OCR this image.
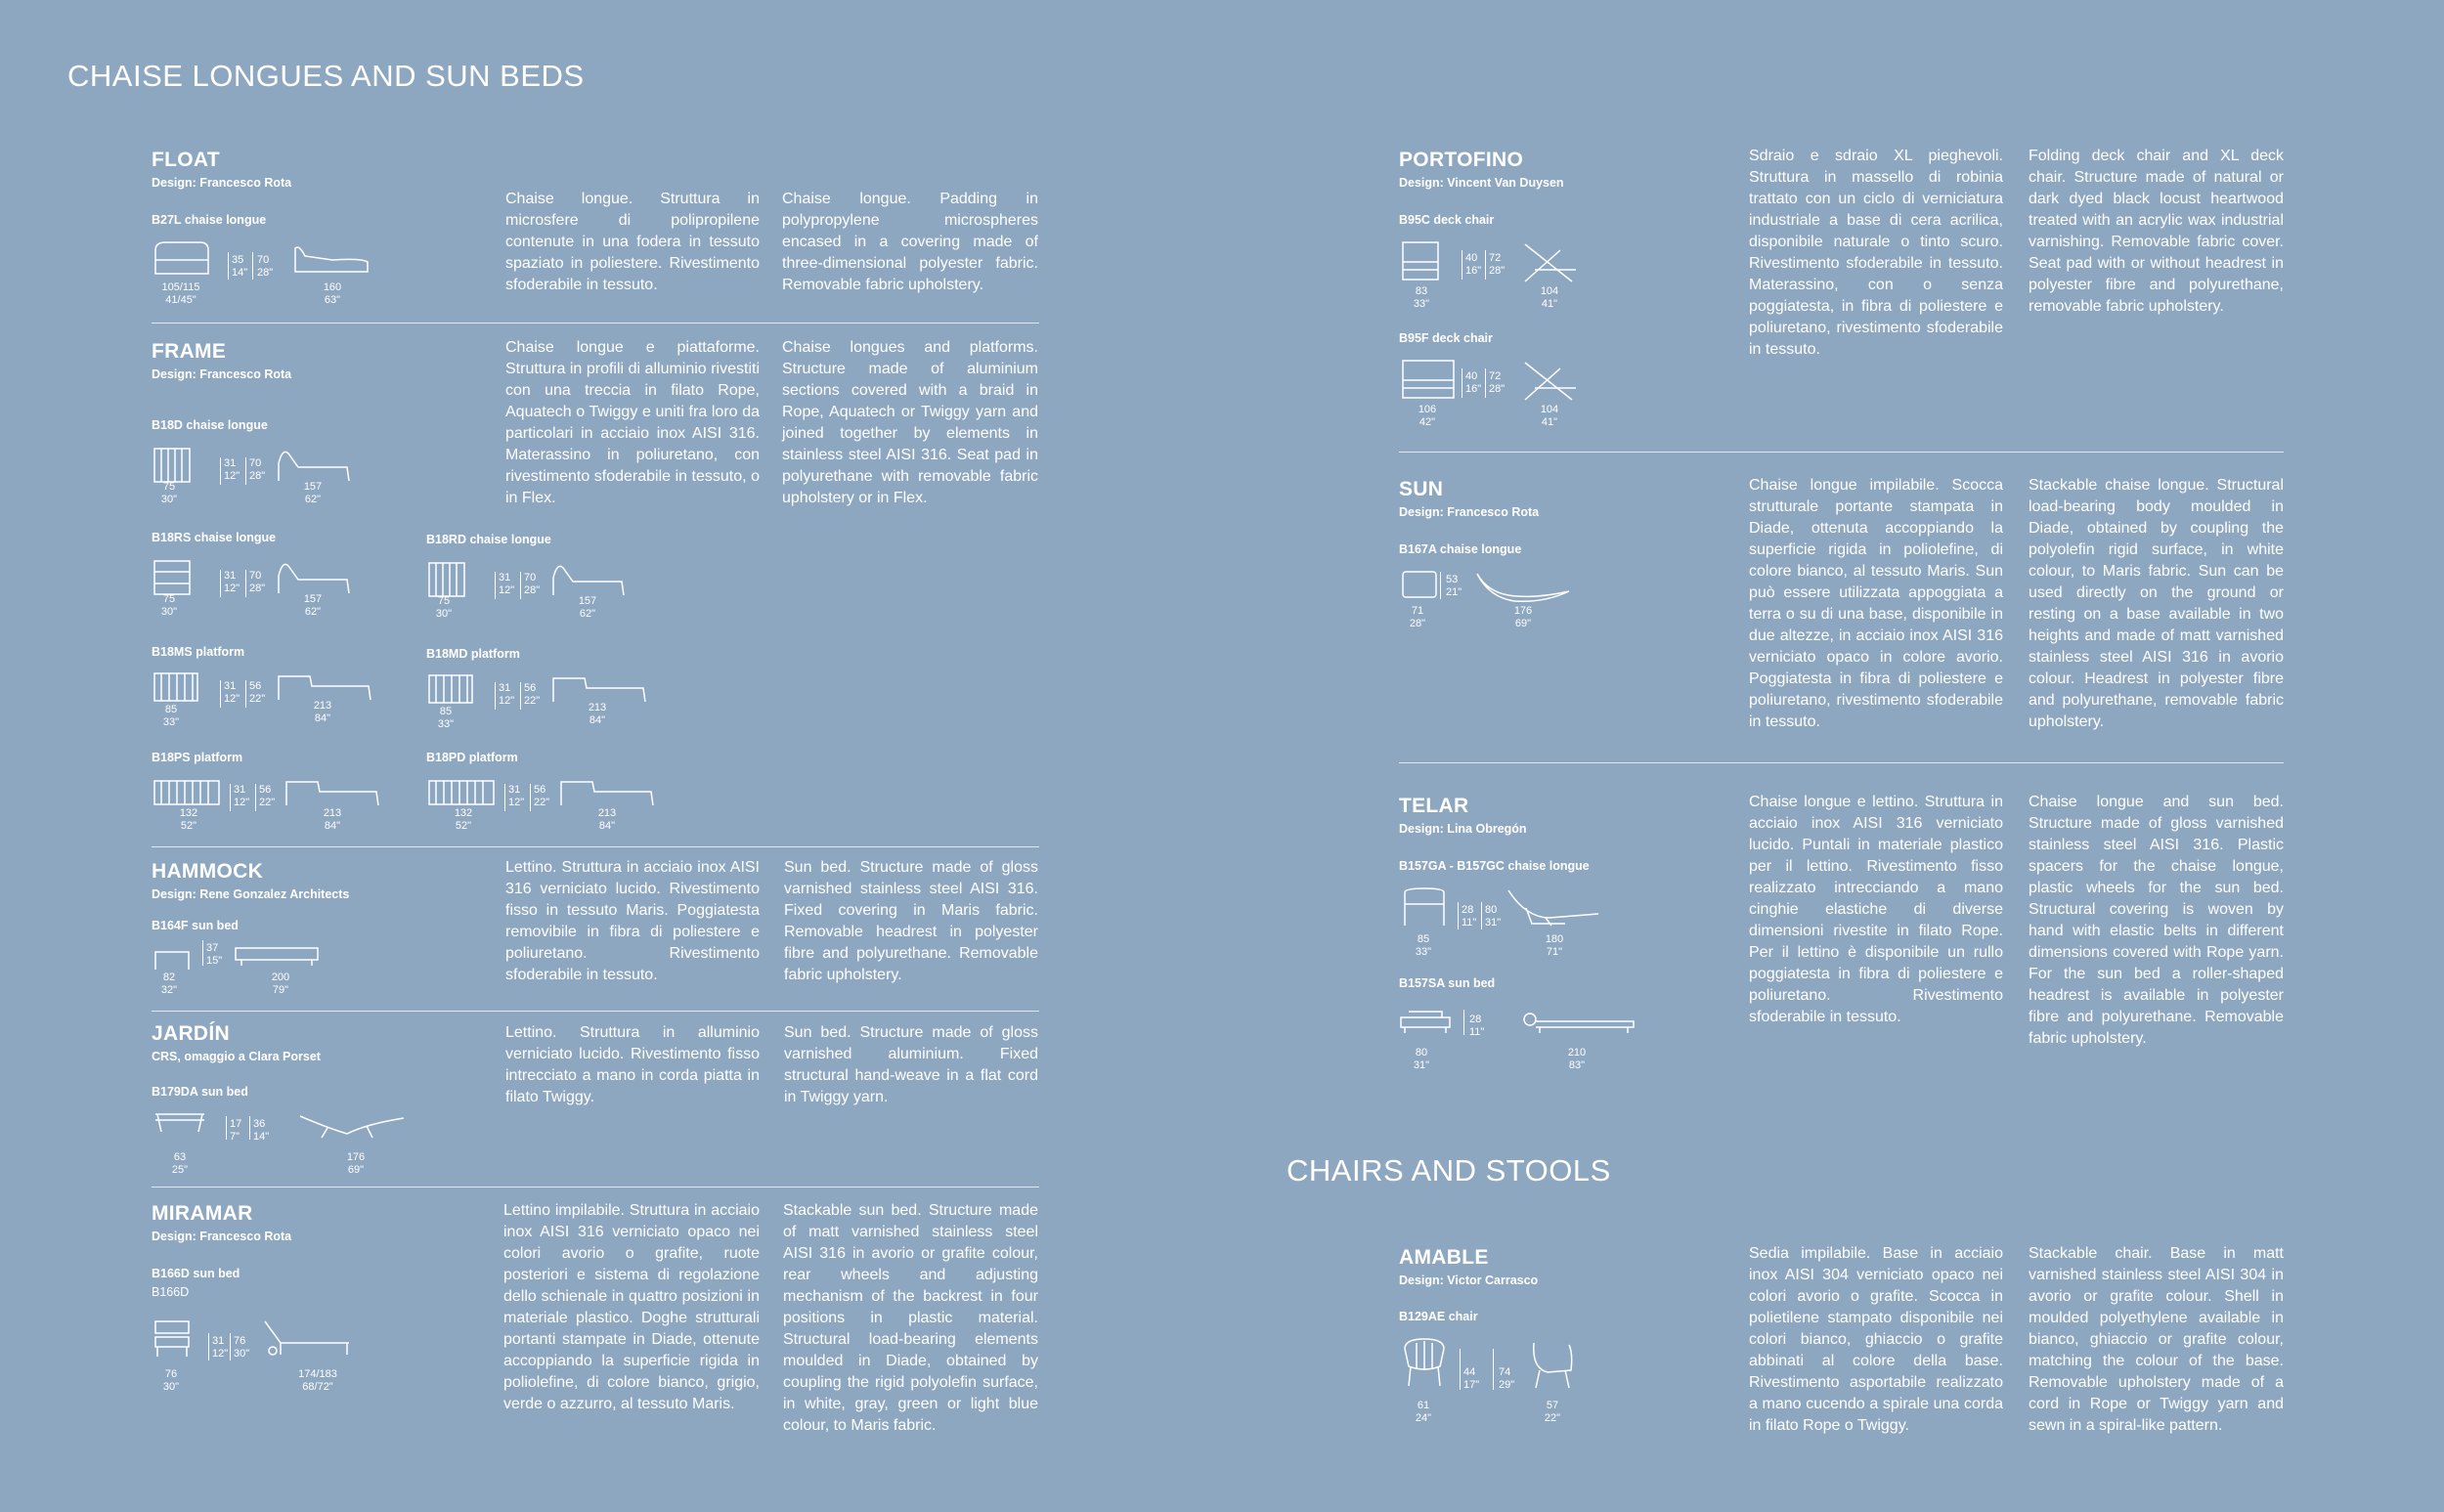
CHAISE LONGUES AND SUN BEDS
CHAIRS AND STOOLS
FLOAT
Design: Francesco Rota
B27L chaise longue
35
14"
70
28"
105/115
41/45"
160
63"

Chaise longue. Struttura in microsfere di polipropilene contenute in una fodera in tessuto spaziato in poliestere. Rivestimento sfoderabile in tessuto.

Chaise longue. Padding in polypropylene microspheres encased in a covering made of three-dimensional polyester fabric. Removable fabric upholstery.

FRAME
Design: Francesco Rota

Chaise longue e piattaforme. Struttura in profili di alluminio rivestiti con una treccia in filato Rope, Aquatech o Twiggy e uniti fra loro da particolari in acciaio inox AISI 316. Materassino in poliuretano, con rivestimento sfoderabile in tessuto, o in Flex.

Chaise longues and platforms. Structure made of aluminium sections covered with a braid in Rope, Aquatech or Twiggy yarn and joined together by elements in stainless steel AISI 316. Seat pad in polyurethane with removable fabric upholstery or in Flex.

B18D chaise longue
31
12"
70
28"
75
30"
157
62"
B18RS chaise longue
31
12"
70
28"
75
30"
157
62"
B18RD chaise longue
31
12"
70
28"
75
30"
157
62"
B18MS platform
31
12"
56
22"
85
33"
213
84"
B18MD platform
31
12"
56
22"
85
33"
213
84"
B18PS platform
31
12"
56
22"
132
52"
213
84"
B18PD platform
31
12"
56
22"
132
52"
213
84"
HAMMOCK
Design: Rene Gonzalez Architects
B164F sun bed
37
15"
82
32"
200
79"

Lettino. Struttura in acciaio inox AISI 316 verniciato lucido. Rivestimento fisso in tessuto Maris. Poggiatesta removibile in fibra di poliestere e poliuretano. Rivestimento sfoderabile in tessuto.

Sun bed. Structure made of gloss varnished stainless steel AISI 316. Fixed covering in Maris fabric. Removable headrest in polyester fibre and polyurethane. Removable fabric upholstery.

JARDÍN
CRS, omaggio a Clara Porset
B179DA sun bed
17
7"
36
14"
63
25"
176
69"

Lettino. Struttura in alluminio verniciato lucido. Rivestimento fisso intrecciato a mano in corda piatta in filato Twiggy.

Sun bed. Structure made of gloss varnished aluminium. Fixed structural hand-weave in a flat cord in Twiggy yarn.

MIRAMAR
Design: Francesco Rota
B166D sun bed
B166D
31
12"
76
30"
76
30"
174/183
68/72"

Lettino impilabile. Struttura in acciaio inox AISI 316 verniciato opaco nei colori avorio o grafite, ruote posteriori e sistema di regolazione dello schienale in quattro posizioni in materiale plastico. Doghe strutturali portanti stampate in Diade, ottenute accoppiando la superficie rigida in poliolefine, di colore bianco, grigio, verde o azzurro, al tessuto Maris.

Stackable sun bed. Structure made of matt varnished stainless steel AISI 316 in avorio or grafite colour, rear wheels and adjusting mechanism of the backrest in four positions in plastic material. Structural load-bearing elements moulded in Diade, obtained by coupling the rigid polyolefin surface, in white, gray, green or light blue colour, to Maris fabric.

PORTOFINO
Design: Vincent Van Duysen
B95C deck chair
40
16"
72
28"
83
33"
104
41"
B95F deck chair
40
16"
72
28"
106
42"
104
41"

Sdraio e sdraio XL pieghevoli. Struttura in massello di robinia trattato con un ciclo di verniciatura industriale a base di cera acrilica, disponibile naturale o tinto scuro. Rivestimento sfoderabile in tessuto. Materassino, con o senza poggiatesta, in fibra di poliestere e poliuretano, rivestimento sfoderabile in tessuto.

Folding deck chair and XL deck chair. Structure made of natural or dark dyed black locust heartwood treated with an acrylic wax industrial varnishing. Removable fabric cover. Seat pad with or without headrest in polyester fibre and polyurethane, removable fabric upholstery.

SUN
Design: Francesco Rota
B167A chaise longue
53
21"
71
28"
176
69"

Chaise longue impilabile. Scocca strutturale portante stampata in Diade, ottenuta accoppiando la superficie rigida in poliolefine, di colore bianco, al tessuto Maris. Sun può essere utilizzata appoggiata a terra o su di una base, disponibile in due altezze, in acciaio inox AISI 316 verniciato opaco in colore avorio. Poggiatesta in fibra di poliestere e poliuretano, rivestimento sfoderabile in tessuto.

Stackable chaise longue. Structural load-bearing body moulded in Diade, obtained by coupling the polyolefin rigid surface, in white colour, to Maris fabric. Sun can be used directly on the ground or resting on a base available in two heights and made of matt varnished stainless steel AISI 316 in avorio colour. Headrest in polyester fibre and polyurethane, removable fabric upholstery.

TELAR
Design: Lina Obregón
B157GA - B157GC chaise longue
28
11"
80
31"
85
33"
180
71"
B157SA sun bed
28
11"
80
31"
210
83"

Chaise longue e lettino. Struttura in acciaio inox AISI 316 verniciato lucido. Puntali in materiale plastico per il lettino. Rivestimento fisso realizzato intrecciando a mano cinghie elastiche di diverse dimensioni rivestite in filato Rope. Per il lettino è disponibile un rullo poggiatesta in fibra di poliestere e poliuretano. Rivestimento sfoderabile in tessuto.

Chaise longue and sun bed. Structure made of gloss varnished stainless steel AISI 316. Plastic spacers for the chaise longue, plastic wheels for the sun bed. Structural covering is woven by hand with elastic belts in different dimensions covered with Rope yarn. For the sun bed a roller-shaped headrest is available in polyester fibre and polyurethane. Removable fabric upholstery.

AMABLE
Design: Victor Carrasco
B129AE chair
44
17"
74
29"
61
24"
57
22"

Sedia impilabile. Base in acciaio inox AISI 304 verniciato opaco nei colori avorio o grafite. Scocca in polietilene stampato disponibile nei colori bianco, ghiaccio o grafite abbinati al colore della base. Rivestimento asportabile realizzato a mano cucendo a spirale una corda in filato Rope o Twiggy.

Stackable chair. Base in matt varnished stainless steel AISI 304 in avorio or grafite colour. Shell in moulded polyethylene available in bianco, ghiaccio or grafite colour, matching the colour of the base. Removable upholstery made of a cord in Rope or Twiggy yarn and sewn in a spiral-like pattern.
